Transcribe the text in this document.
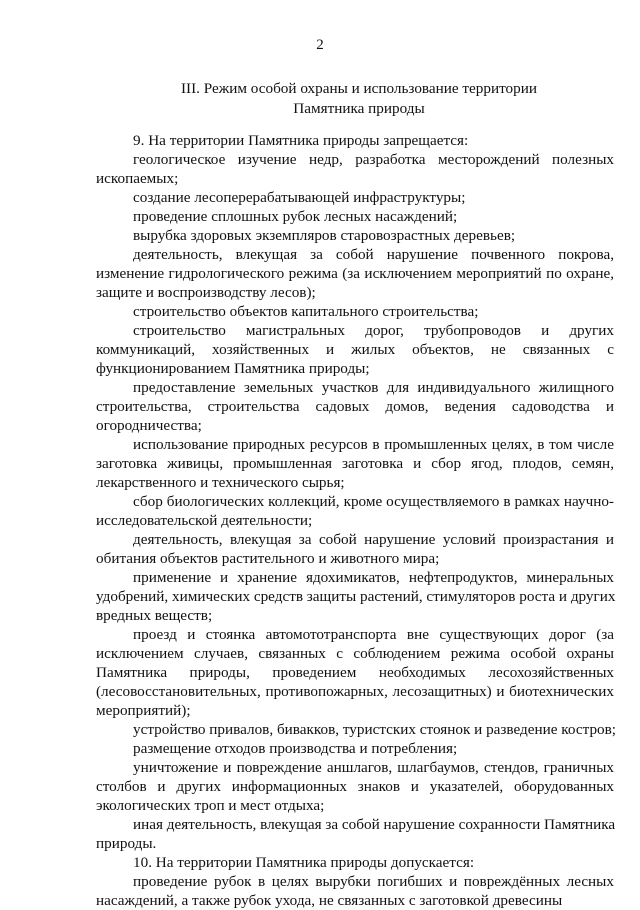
2
III. Режим особой охраны и использование территории
Памятника природы
9. На территории Памятника природы запрещается:
геологическое изучение недр, разработка месторождений полезных
ископаемых;
создание лесоперерабатывающей инфраструктуры;
проведение сплошных рубок лесных насаждений;
вырубка здоровых экземпляров старовозрастных деревьев;
деятельность, влекущая за собой нарушение почвенного покрова,
изменение гидрологического режима (за исключением мероприятий по охране,
защите и воспроизводству лесов);
строительство объектов капитального строительства;
строительство магистральных дорог, трубопроводов и других
коммуникаций, хозяйственных и жилых объектов, не связанных с
функционированием Памятника природы;
предоставление земельных участков для индивидуального жилищного
строительства, строительства садовых домов, ведения садоводства и
огородничества;
использование природных ресурсов в промышленных целях, в том числе
заготовка живицы, промышленная заготовка и сбор ягод, плодов, семян,
лекарственного и технического сырья;
сбор биологических коллекций, кроме осуществляемого в рамках научно-
исследовательской деятельности;
деятельность, влекущая за собой нарушение условий произрастания и
обитания объектов растительного и животного мира;
применение и хранение ядохимикатов, нефтепродуктов, минеральных
удобрений, химических средств защиты растений, стимуляторов роста и других
вредных веществ;
проезд и стоянка автомототранспорта вне существующих дорог (за
исключением случаев, связанных с соблюдением режима особой охраны
Памятника природы, проведением необходимых лесохозяйственных
(лесовосстановительных, противопожарных, лесозащитных) и биотехнических
мероприятий);
устройство привалов, бивакков, туристских стоянок и разведение костров;
размещение отходов производства и потребления;
уничтожение и повреждение аншлагов, шлагбаумов, стендов, граничных
столбов и других информационных знаков и указателей, оборудованных
экологических троп и мест отдыха;
иная деятельность, влекущая за собой нарушение сохранности Памятника
природы.
10. На территории Памятника природы допускается:
проведение рубок в целях вырубки погибших и повреждённых лесных
насаждений, а также рубок ухода, не связанных с заготовкой древесины
